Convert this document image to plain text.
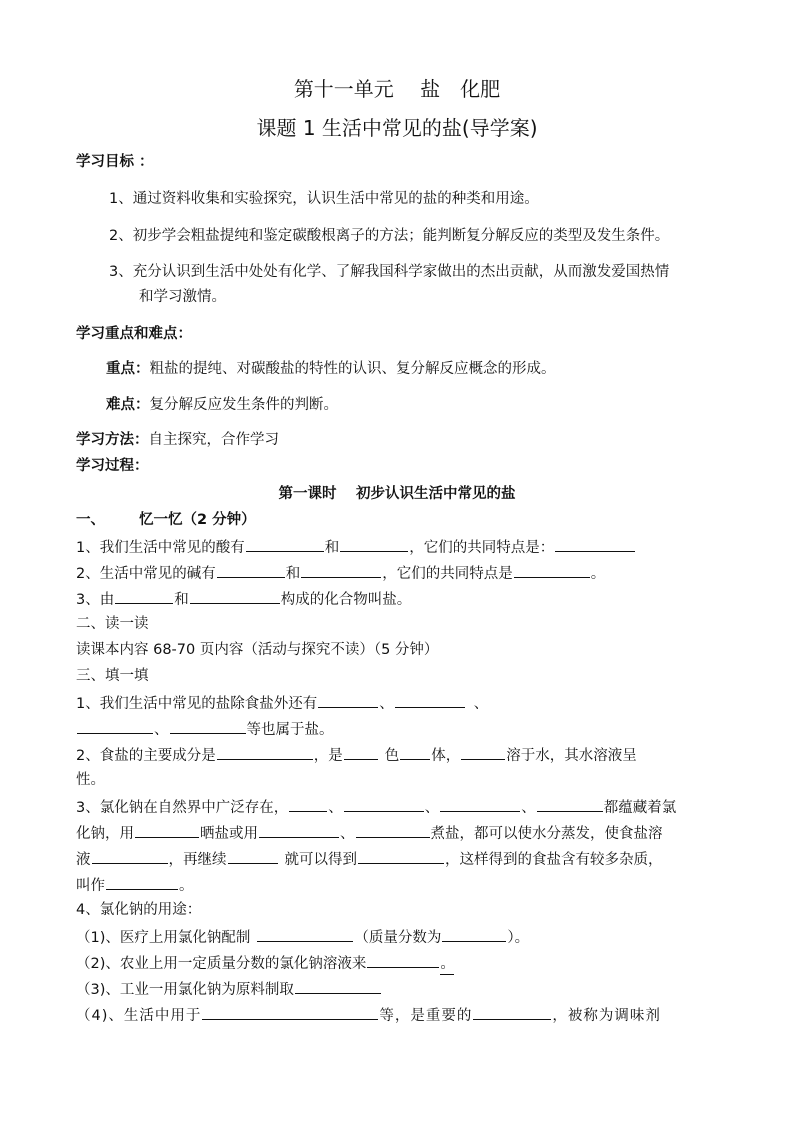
第十一单元　 盐　化肥
课题 1 生活中常见的盐(导学案)
学习目标 ：
1、通过资料收集和实验探究，认识生活中常见的盐的种类和用途。
2、初步学会粗盐提纯和鉴定碳酸根离子的方法；能判断复分解反应的类型及发生条件。
3、充分认识到生活中处处有化学、了解我国科学家做出的杰出贡献，从而激发爱国热情
和学习激情。
学习重点和难点：
重点：粗盐的提纯、对碳酸盐的特性的认识、复分解反应概念的形成。
难点：复分解反应发生条件的判断。
学习方法：自主探究，合作学习
学习过程：
第一课时　 初步认识生活中常见的盐
一、 忆一忆（2 分钟）
1、我们生活中常见的酸有	和	，它们的共同特点是：
2、生活中常见的碱有	和	，它们的共同特点是	。
3、由	和	构成的化合物叫盐。
二、读一读
读课本内容 68-70 页内容（活动与探究不读）（5 分钟）
三、填一填
1、我们生活中常见的盐除食盐外还有	、	、
、	等也属于盐。
2、食盐的主要成分是	，是	色 体，	溶于水，其水溶液呈
性。
3、氯化钠在自然界中广泛存在，	、	、	、	都蕴藏着氯
化钠，用	晒盐或用	、	煮盐，都可以使水分蒸发，使食盐溶
液	，再继续	就可以得到	，这样得到的食盐含有较多杂质，
叫作	。
4、氯化钠的用途：
（1)、医疗上用氯化钠配制	（质量分数为	）。
（2)、农业上用一定质量分数的氯化钠溶液来	。
（3)、工业一用氯化钠为原料制取
（4)、生活中用于	等，是重要的	，被称为调味剂
